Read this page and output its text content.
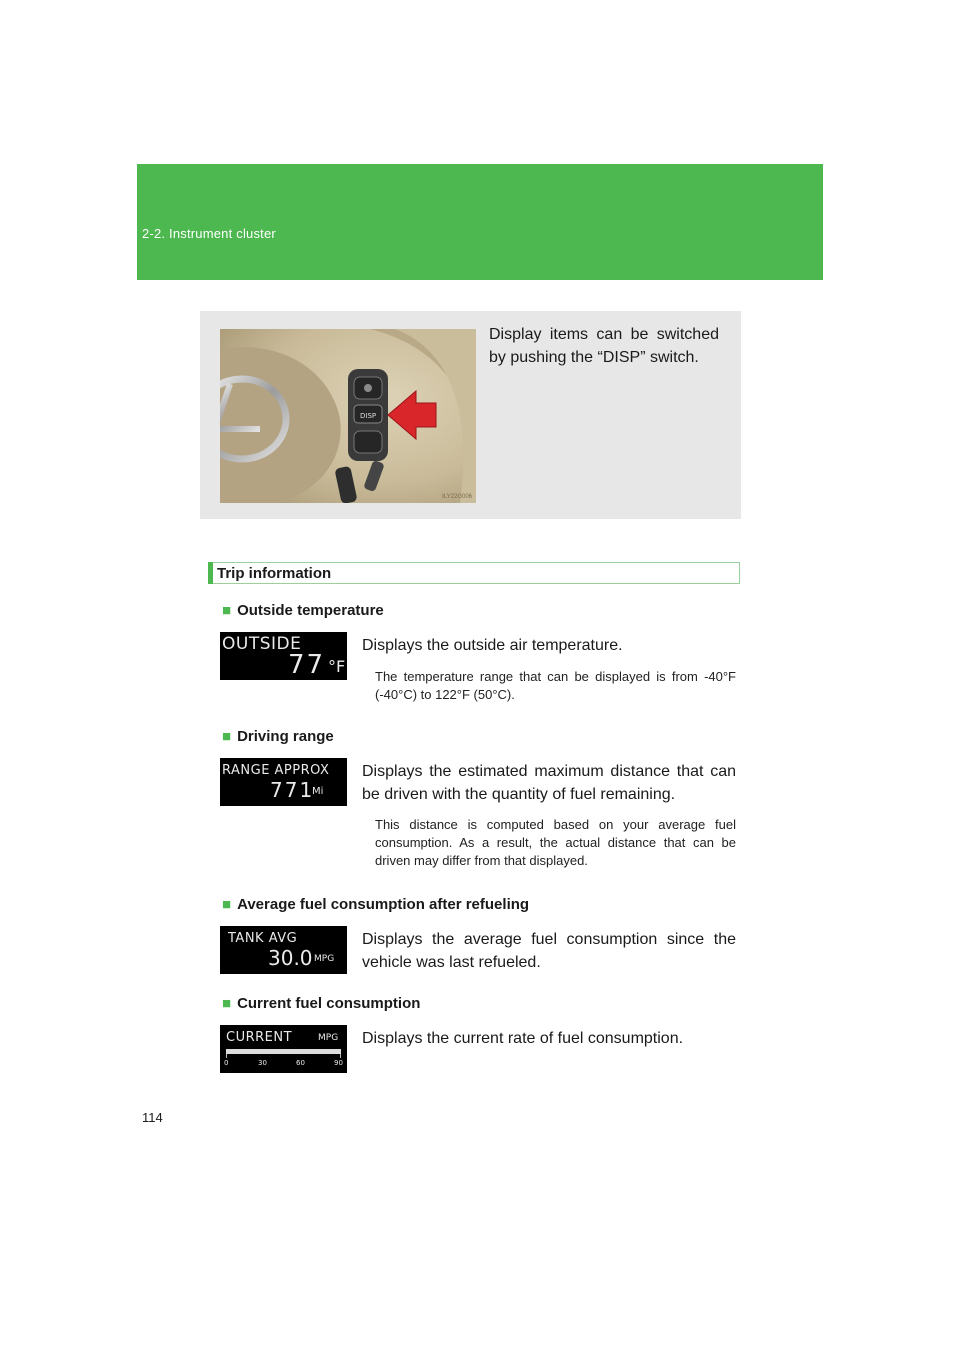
2-2. Instrument cluster
DISP
ILY22G006
Display items can be switched by pushing the “DISP” switch.
Trip information
■ Outside temperature
OUTSIDE
77 °F
Displays the outside air temperature.
The temperature range that can be displayed is from -40°F (-40°C) to 122°F (50°C).
■ Driving range
RANGE APPROX
771
Mi
Displays the estimated maximum distance that can be driven with the quantity of fuel remaining.
This distance is computed based on your average fuel consumption. As a result, the actual distance that can be driven may differ from that displayed.
■ Average fuel consumption after refueling
TANK AVG
30.0 MPG
Displays the average fuel consumption since the vehicle was last refueled.
■ Current fuel consumption
CURRENT	MPG
0	30	60	90
Displays the current rate of fuel consumption.
114
